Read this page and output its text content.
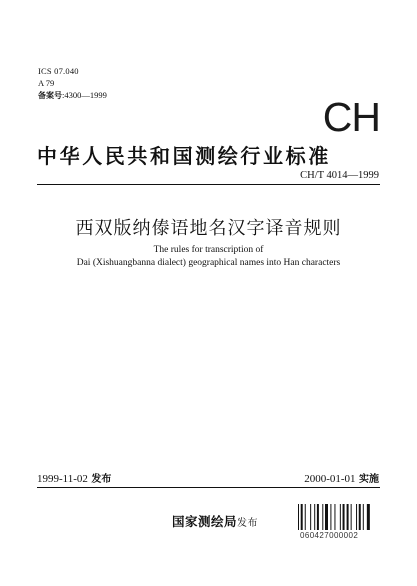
ICS 07.040
A 79
备案号:4300—1999	CH
中华人民共和国测绘行业标准
CH/T 4014—1999
西双版纳傣语地名汉字译音规则
The rules for transcription of
Dai (Xishuangbanna dialect) geographical names into Han characters
1999-11-02 发布	2000-01-01 实施
国家测绘局发布
060427000002
